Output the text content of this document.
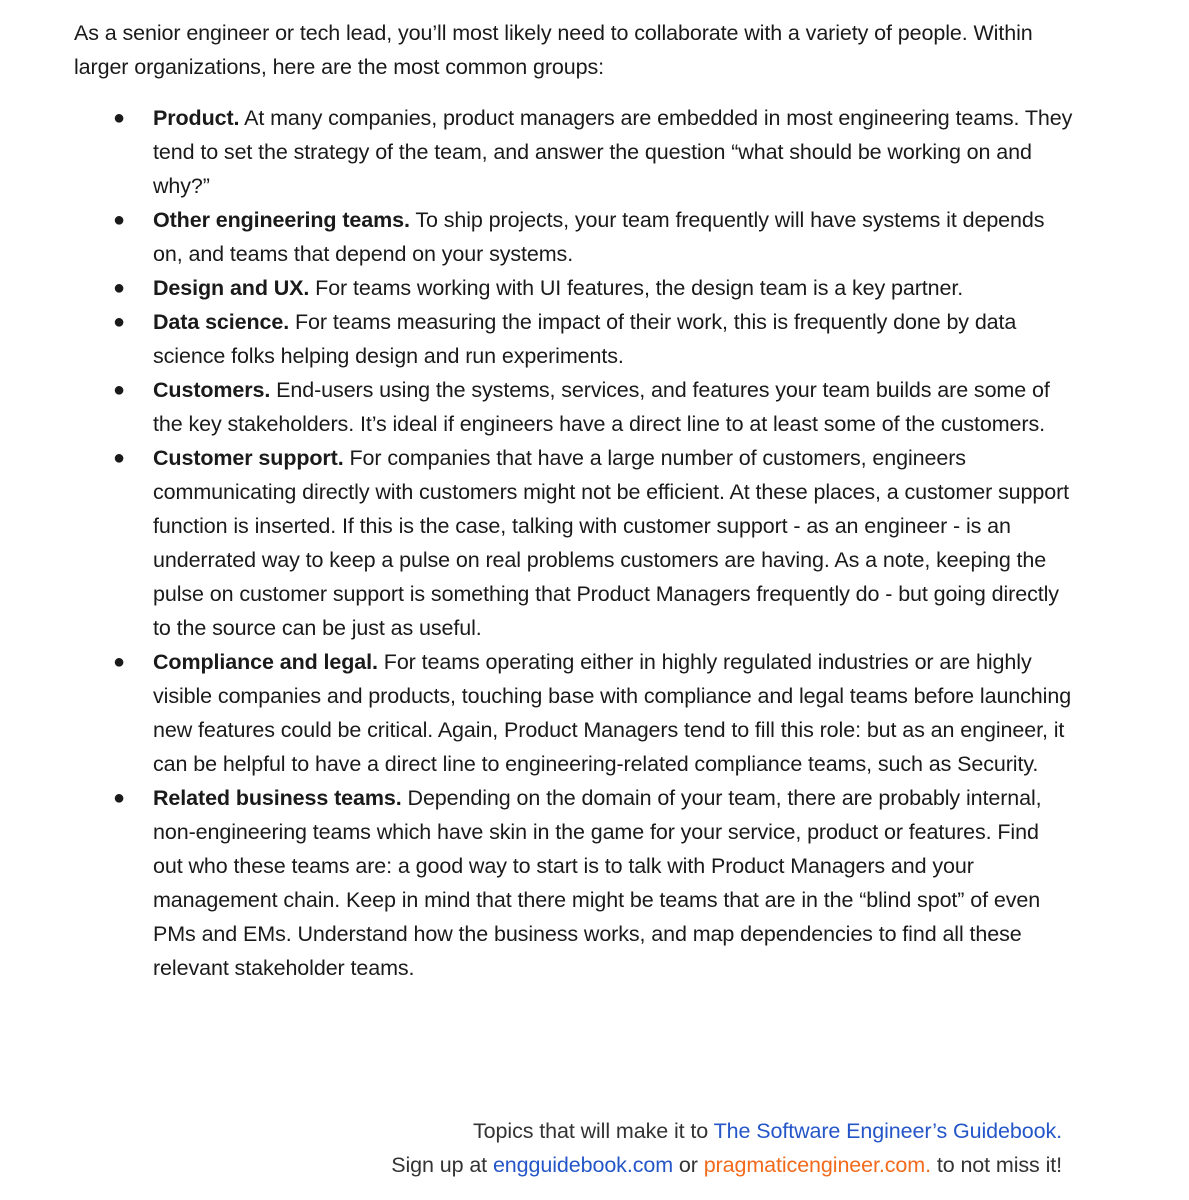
As a senior engineer or tech lead, you’ll most likely need to collaborate with a variety of people. Within larger organizations, here are the most common groups:

● Product. At many companies, product managers are embedded in most engineering teams. They tend to set the strategy of the team, and answer the question “what should be working on and why?”
● Other engineering teams. To ship projects, your team frequently will have systems it depends on, and teams that depend on your systems.
● Design and UX. For teams working with UI features, the design team is a key partner.
● Data science. For teams measuring the impact of their work, this is frequently done by data science folks helping design and run experiments.
● Customers. End-users using the systems, services, and features your team builds are some of the key stakeholders. It’s ideal if engineers have a direct line to at least some of the customers.
● Customer support. For companies that have a large number of customers, engineers communicating directly with customers might not be efficient. At these places, a customer support function is inserted. If this is the case, talking with customer support - as an engineer - is an underrated way to keep a pulse on real problems customers are having. As a note, keeping the pulse on customer support is something that Product Managers frequently do - but going directly to the source can be just as useful.
● Compliance and legal. For teams operating either in highly regulated industries or are highly visible companies and products, touching base with compliance and legal teams before launching new features could be critical. Again, Product Managers tend to fill this role: but as an engineer, it can be helpful to have a direct line to engineering-related compliance teams, such as Security.
● Related business teams. Depending on the domain of your team, there are probably internal, non-engineering teams which have skin in the game for your service, product or features. Find out who these teams are: a good way to start is to talk with Product Managers and your management chain. Keep in mind that there might be teams that are in the “blind spot” of even PMs and EMs. Understand how the business works, and map dependencies to find all these relevant stakeholder teams.
Topics that will make it to The Software Engineer’s Guidebook.
Sign up at engguidebook.com or pragmaticengineer.com. to not miss it!
